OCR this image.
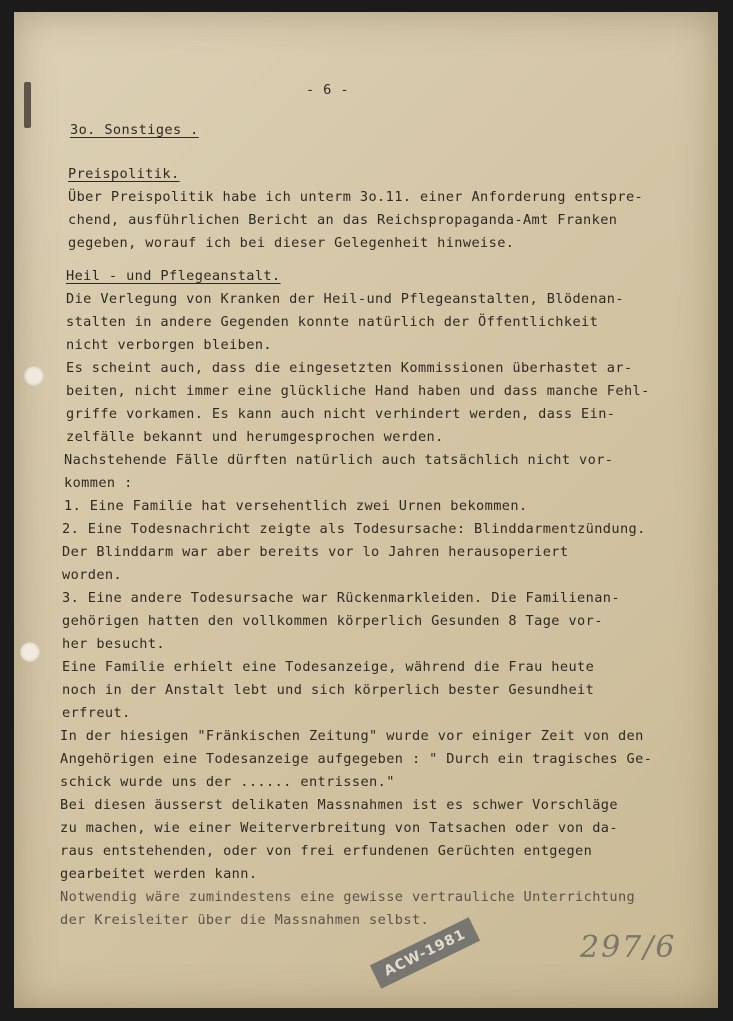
- 6 -
3o. Sonstiges .
Preispolitik.
Über Preispolitik habe ich unterm 3o.11. einer Anforderung entspre-
chend, ausführlichen Bericht an das Reichspropaganda-Amt Franken
gegeben, worauf ich bei dieser Gelegenheit hinweise.
Heil - und Pflegeanstalt.
Die Verlegung von Kranken der Heil-und Pflegeanstalten, Blödenan-
stalten in andere Gegenden konnte natürlich der Öffentlichkeit
nicht verborgen bleiben.
Es scheint auch, dass die eingesetzten Kommissionen überhastet ar-
beiten, nicht immer eine glückliche Hand haben und dass manche Fehl-
griffe vorkamen. Es kann auch nicht verhindert werden, dass Ein-
zelfälle bekannt und herumgesprochen werden.
Nachstehende Fälle dürften natürlich auch tatsächlich nicht vor-
kommen :
1. Eine Familie hat versehentlich zwei Urnen bekommen.
2. Eine Todesnachricht zeigte als Todesursache: Blinddarmentzündung.
Der Blinddarm war aber bereits vor lo Jahren herausoperiert
worden.
3. Eine andere Todesursache war Rückenmarkleiden. Die Familienan-
gehörigen hatten den vollkommen körperlich Gesunden 8 Tage vor-
her besucht.
Eine Familie erhielt eine Todesanzeige, während die Frau heute
noch in der Anstalt lebt und sich körperlich bester Gesundheit
erfreut.
In der hiesigen "Fränkischen Zeitung" wurde vor einiger Zeit von den
Angehörigen eine Todesanzeige aufgegeben : " Durch ein tragisches Ge-
schick wurde uns der ...... entrissen."
Bei diesen äusserst delikaten Massnahmen ist es schwer Vorschläge
zu machen, wie einer Weiterverbreitung von Tatsachen oder von da-
raus entstehenden, oder von frei erfundenen Gerüchten entgegen
gearbeitet werden kann.
Notwendig wäre zumindestens eine gewisse vertrauliche Unterrichtung
der Kreisleiter über die Massnahmen selbst.
ACW-1981	297/6
